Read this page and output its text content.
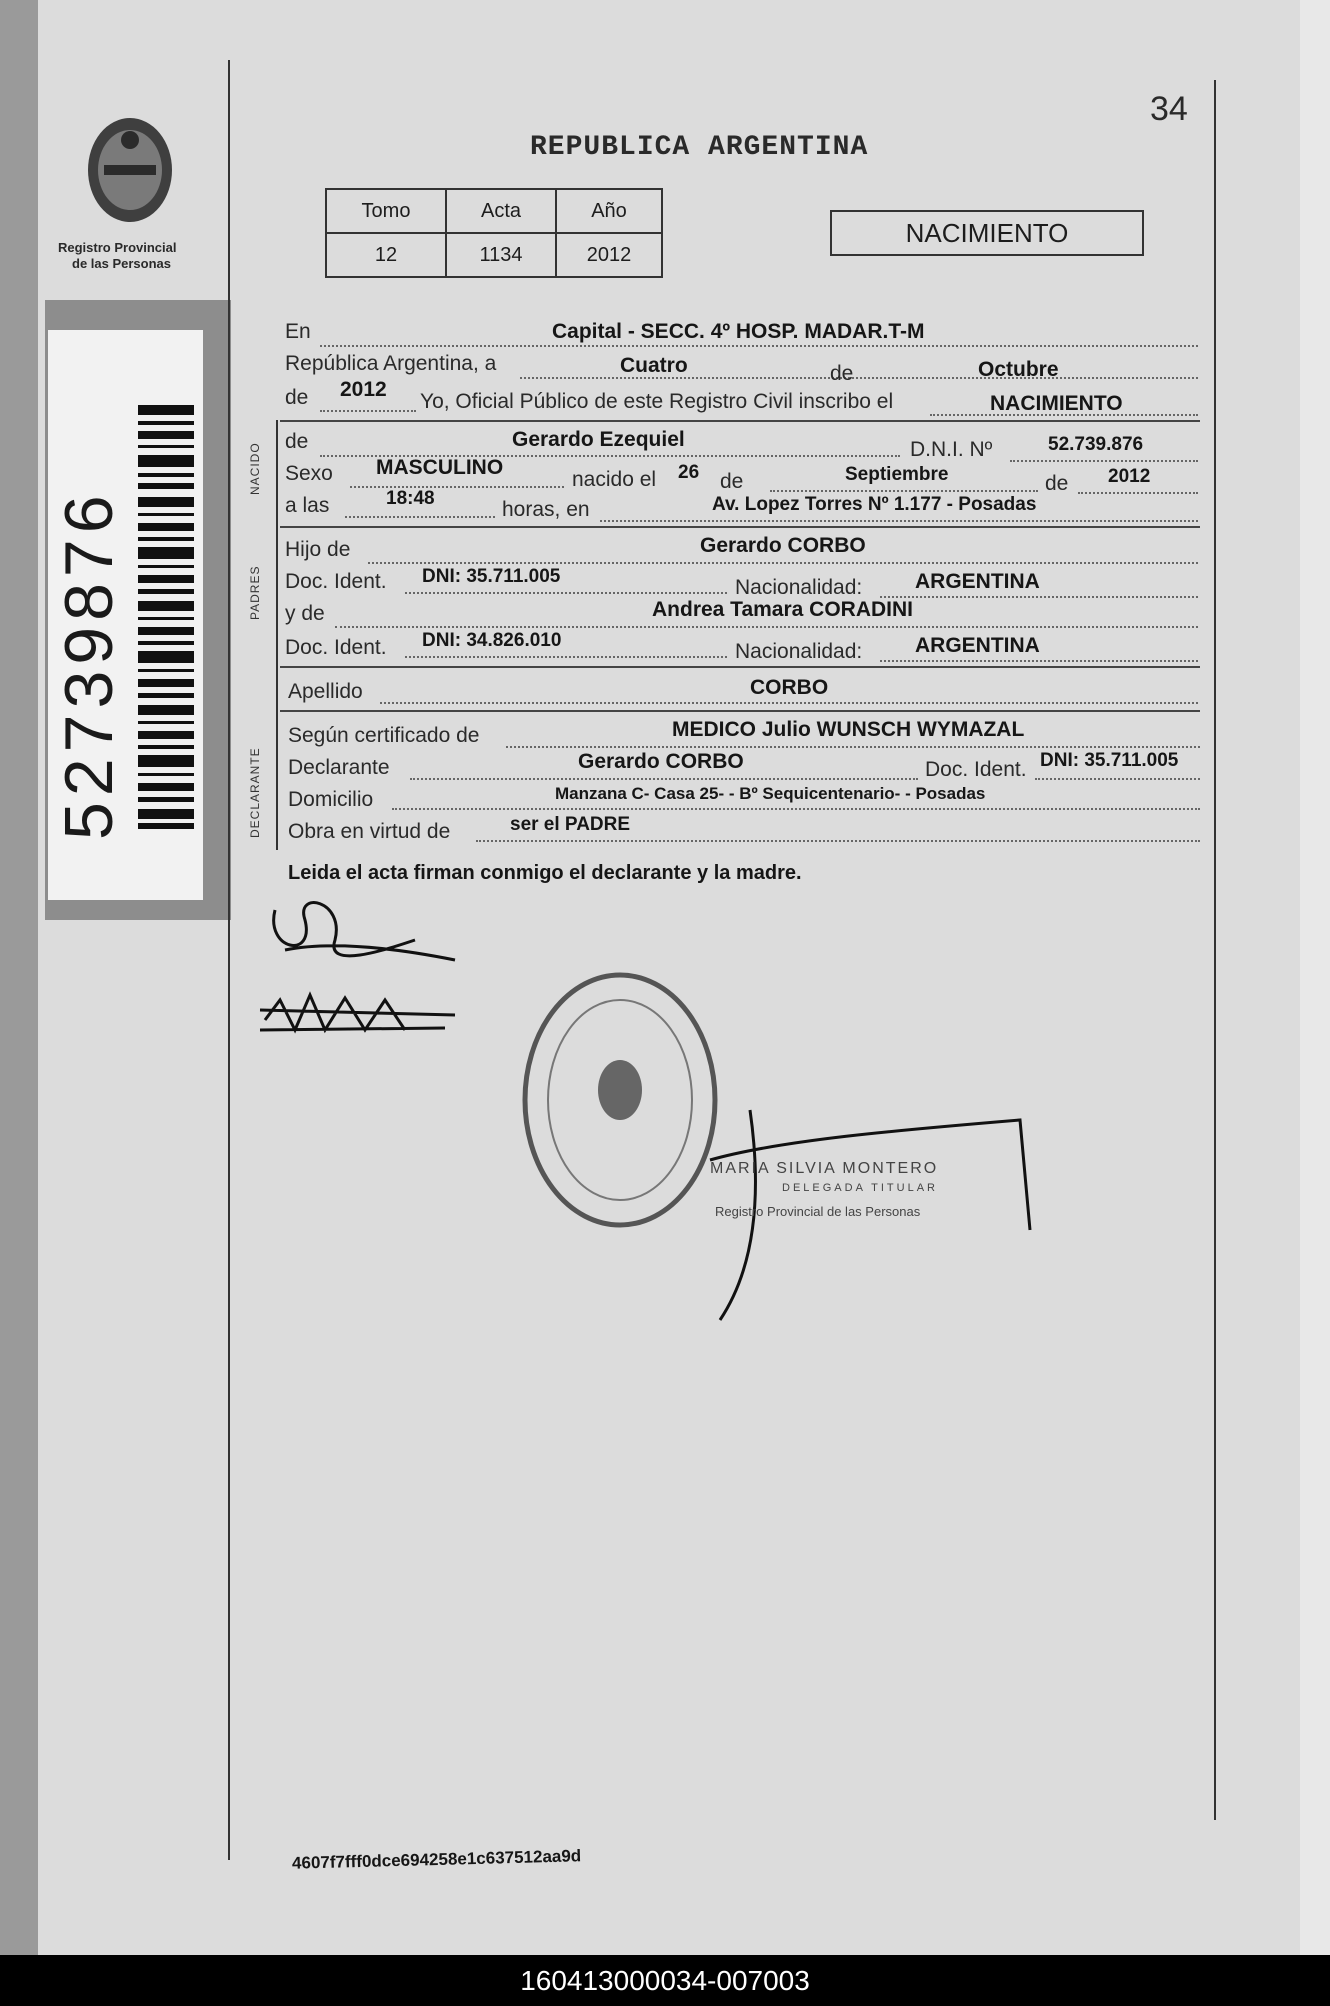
Registro Provincial
de las Personas
52739876
34
REPUBLICA ARGENTINA
Tomo	Acta	Año
12	1134	2012
NACIMIENTO
NACIDO
PADRES
DECLARANTE
En	Capital - SECC. 4º HOSP. MADAR.T-M
República Argentina, a	Cuatro	de	Octubre
de 2012
Yo, Oficial Público de este Registro Civil inscribo el	NACIMIENTO
de	Gerardo Ezequiel	D.N.I. Nº	52.739.876
Sexo MASCULINO
nacido el 26 de	Septiembre	de 2012
a las	18:48	horas, en	Av. Lopez Torres Nº 1.177 - Posadas
Hijo de	Gerardo CORBO
Doc. Ident. DNI: 35.711.005	Nacionalidad:	ARGENTINA
y de	Andrea Tamara CORADINI
Doc. Ident. DNI: 34.826.010	Nacionalidad:	ARGENTINA
Apellido	CORBO
Según certificado de	MEDICO Julio WUNSCH WYMAZAL
Declarante	Gerardo CORBO	Doc. Ident. DNI: 35.711.005
Domicilio	Manzana C- Casa 25- - Bº Sequicentenario- - Posadas
Obra en virtud de	ser el PADRE
Leida el acta firman conmigo el declarante y la madre.
MARIA SILVIA MONTERO
DELEGADA TITULAR
Registro Provincial de las Personas
4607f7fff0dce694258e1c637512aa9d
160413000034-007003
